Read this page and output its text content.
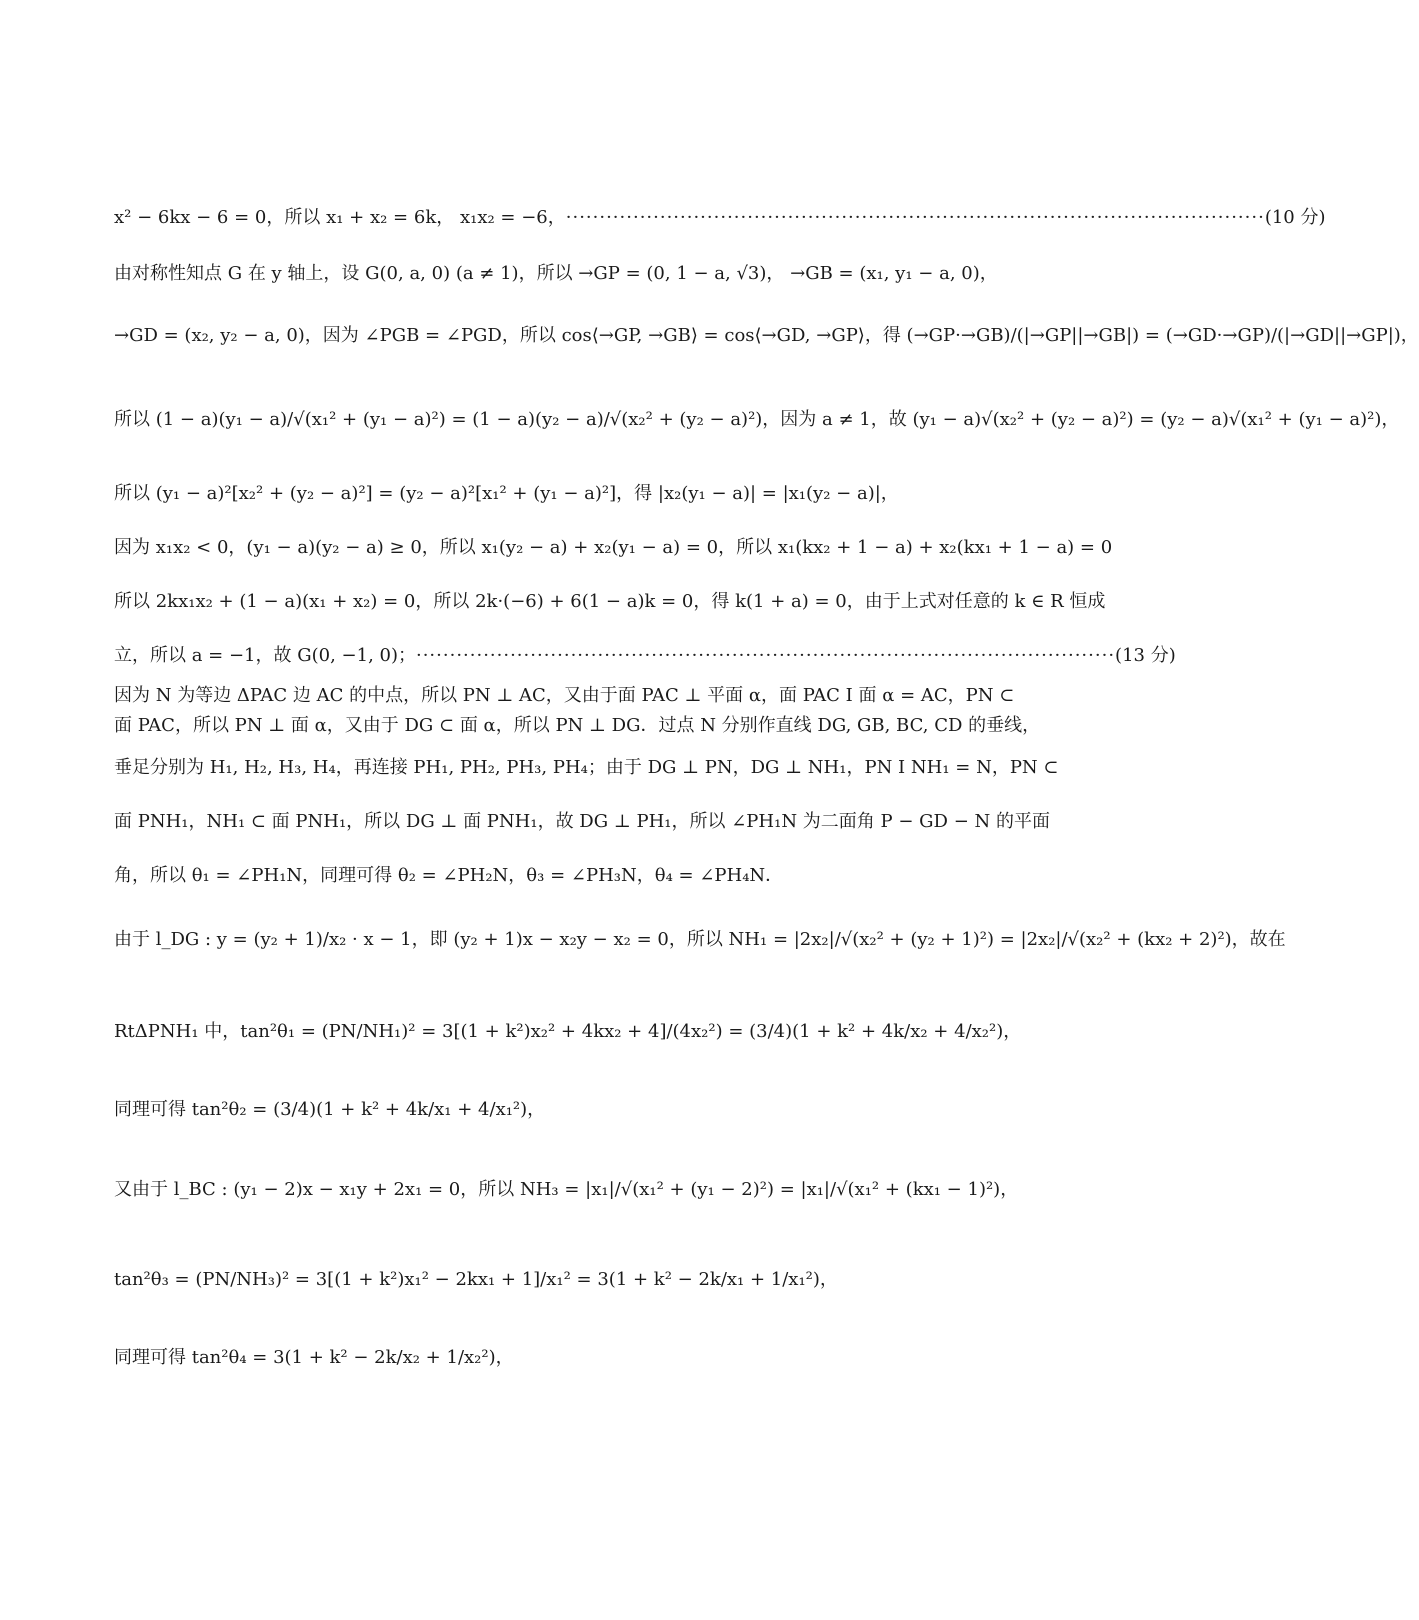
x² − 6kx − 6 = 0，所以 x₁ + x₂ = 6k， x₁x₂ = −6， ········································································································ (10 分)
由对称性知点 G 在 y 轴上，设 G(0, a, 0) (a ≠ 1)，所以 →GP = (0, 1 − a, √3)， →GB = (x₁, y₁ − a, 0)，
→GD = (x₂, y₂ − a, 0)，因为 ∠PGB = ∠PGD，所以 cos⟨→GP, →GB⟩ = cos⟨→GD, →GP⟩，得 (→GP·→GB)/(|→GP||→GB|) = (→GD·→GP)/(|→GD||→GP|)，
所以 (1 − a)(y₁ − a)/√(x₁² + (y₁ − a)²) = (1 − a)(y₂ − a)/√(x₂² + (y₂ − a)²)，因为 a ≠ 1，故 (y₁ − a)√(x₂² + (y₂ − a)²) = (y₂ − a)√(x₁² + (y₁ − a)²)，
所以 (y₁ − a)²[x₂² + (y₂ − a)²] = (y₂ − a)²[x₁² + (y₁ − a)²]，得 |x₂(y₁ − a)| = |x₁(y₂ − a)|，
因为 x₁x₂ < 0，(y₁ − a)(y₂ − a) ≥ 0，所以 x₁(y₂ − a) + x₂(y₁ − a) = 0，所以 x₁(kx₂ + 1 − a) + x₂(kx₁ + 1 − a) = 0
所以 2kx₁x₂ + (1 − a)(x₁ + x₂) = 0，所以 2k·(−6) + 6(1 − a)k = 0，得 k(1 + a) = 0，由于上式对任意的 k ∈ R 恒成
立，所以 a = −1，故 G(0, −1, 0)； ········································································································ (13 分)
因为 N 为等边 ΔPAC 边 AC 的中点，所以 PN ⊥ AC，又由于面 PAC ⊥ 平面 α，面 PAC I 面 α = AC，PN ⊂
面 PAC，所以 PN ⊥ 面 α，又由于 DG ⊂ 面 α，所以 PN ⊥ DG．过点 N 分别作直线 DG, GB, BC, CD 的垂线，
垂足分别为 H₁, H₂, H₃, H₄，再连接 PH₁, PH₂, PH₃, PH₄；由于 DG ⊥ PN，DG ⊥ NH₁，PN I NH₁ = N，PN ⊂
面 PNH₁，NH₁ ⊂ 面 PNH₁，所以 DG ⊥ 面 PNH₁，故 DG ⊥ PH₁，所以 ∠PH₁N 为二面角 P − GD − N 的平面
角，所以 θ₁ = ∠PH₁N，同理可得 θ₂ = ∠PH₂N，θ₃ = ∠PH₃N，θ₄ = ∠PH₄N．
由于 l_DG : y = (y₂ + 1)/x₂ · x − 1，即 (y₂ + 1)x − x₂y − x₂ = 0，所以 NH₁ = |2x₂|/√(x₂² + (y₂ + 1)²) = |2x₂|/√(x₂² + (kx₂ + 2)²)，故在
RtΔPNH₁ 中，tan²θ₁ = (PN/NH₁)² = 3[(1 + k²)x₂² + 4kx₂ + 4]/(4x₂²) = (3/4)(1 + k² + 4k/x₂ + 4/x₂²)，
同理可得 tan²θ₂ = (3/4)(1 + k² + 4k/x₁ + 4/x₁²)，
又由于 l_BC : (y₁ − 2)x − x₁y + 2x₁ = 0，所以 NH₃ = |x₁|/√(x₁² + (y₁ − 2)²) = |x₁|/√(x₁² + (kx₁ − 1)²)，
tan²θ₃ = (PN/NH₃)² = 3[(1 + k²)x₁² − 2kx₁ + 1]/x₁² = 3(1 + k² − 2k/x₁ + 1/x₁²)，
同理可得 tan²θ₄ = 3(1 + k² − 2k/x₂ + 1/x₂²)，
